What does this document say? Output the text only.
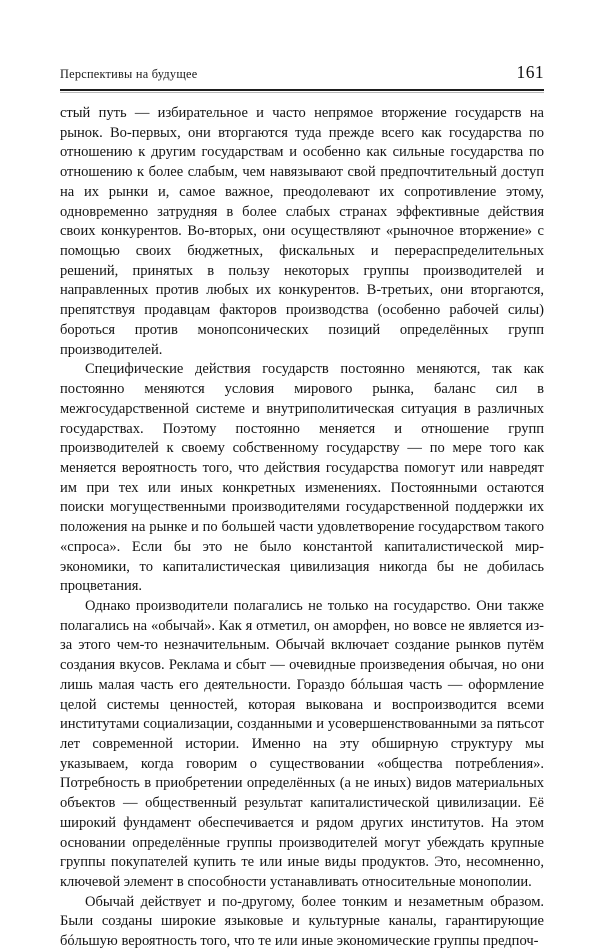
Перспективы на будущее	161

стый путь — избирательное и часто непрямое вторжение государств на рынок. Во-первых, они вторгаются туда прежде всего как государства по отношению к другим государствам и особенно как сильные государства по отношению к более слабым, чем навязывают свой предпочтительный доступ на их рынки и, самое важное, преодолевают их сопротивление этому, одновременно затрудняя в более слабых странах эффективные действия своих конкурентов. Во-вторых, они осуществляют «рыночное вторжение» с помощью своих бюджетных, фискальных и перераспределительных решений, принятых в пользу некоторых группы производителей и направленных против любых их конкурентов. В-третьих, они вторгаются, препятствуя продавцам факторов производства (особенно рабочей силы) бороться против монопсонических позиций определённых групп производителей.

Специфические действия государств постоянно меняются, так как постоянно меняются условия мирового рынка, баланс сил в межгосударственной системе и внутриполитическая ситуация в различных государствах. Поэтому постоянно меняется и отношение групп производителей к своему собственному государству — по мере того как меняется вероятность того, что действия государства помогут или навредят им при тех или иных конкретных изменениях. Постоянными остаются поиски могущественными производителями государственной поддержки их положения на рынке и по большей части удовлетворение государством такого «спроса». Если бы это не было константой капиталистической мир-экономики, то капиталистическая цивилизация никогда бы не добилась процветания.

Однако производители полагались не только на государство. Они также полагались на «обычай». Как я отметил, он аморфен, но вовсе не является из-за этого чем-то незначительным. Обычай включает создание рынков путём создания вкусов. Реклама и сбыт — очевидные произведения обычая, но они лишь малая часть его деятельности. Гораздо бóльшая часть — оформление целой системы ценностей, которая выкована и воспроизводится всеми институтами социализации, созданными и усовершенствованными за пятьсот лет современной истории. Именно на эту обширную структуру мы указываем, когда говорим о существовании «общества потребления». Потребность в приобретении определённых (а не иных) видов материальных объектов — общественный результат капиталистической цивилизации. Её широкий фундамент обеспечивается и рядом других институтов. На этом основании определённые группы производителей могут убеждать крупные группы покупателей купить те или иные виды продуктов. Это, несомненно, ключевой элемент в способности устанавливать относительные монополии.

Обычай действует и по-другому, более тонким и незаметным образом. Были созданы широкие языковые и культурные каналы, гарантирующие бóльшую вероятность того, что те или иные экономические группы предпоч-
